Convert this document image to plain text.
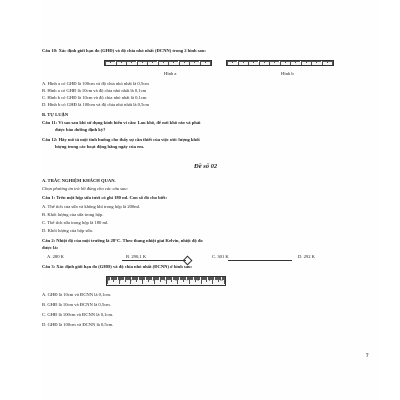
Câu 10: Xác định giới hạn đo (GHĐ) và độ chia nhỏ nhất (ĐCNN) trong 2 hình sau:
Hình a	Hình b
A. Hình a có GHĐ là 100cm và độ chia nhỏ nhất là 0,5cm
B. Hình a có GHĐ là 10cm và độ chia nhỏ nhất là 0,1cm
C. Hình b có GHĐ là 10cm và độ chia nhỏ nhất là 0,1cm
D. Hình b có GHĐ là 100cm và độ chia nhỏ nhất là 0,5cm
B. TỰ LUẬN
Câu 11: Vì sao sau khi sử dụng kính hiển vi cần: Lau khô, để nơi khô ráo và phải
được bảo dưỡng định kỳ?
Câu 12: Hãy mô tả một tình huống cho thấy sự cần thiết của việc ước lượng khối
lượng trong các hoạt động hằng ngày của em.
Đề số 02
A. TRẮC NGHIỆM KHÁCH QUAN.
Chọn phương án trả lời đúng cho các câu sau:
Câu 1: Trên một hộp sữa tươi có ghi 180 ml. Con số đó cho biết:
A. Thể tích của sữa và không khí trong hộp là 200ml.
B. Khối lượng của sữa trong hộp.
C. Thể tích sữa trong hộp là 180 ml.
D. Khối lượng của hộp sữa.
Câu 2: Nhiệt độ của một trường là 28°C. Theo thang nhiệt giai Kelvin, nhiệt độ đo
được là:
A. 280 K	B. 290,1 K	C. 301 K	D. 292 K
Câu 3: Xác định giới hạn đo (GHĐ) và độ chia nhỏ nhất (ĐCNN) ở hình sau:
0	1	2	3	4	5	6	7	8	9	10
A. GHĐ là 10cm và ĐCNN là 0,1cm.
B. GHĐ là 10cm và ĐCNN là 0,5cm.
C. GHĐ là 100cm và ĐCNN là 0,1cm.
D. GHĐ là 100cm và ĐCNN là 0,5cm.
7
